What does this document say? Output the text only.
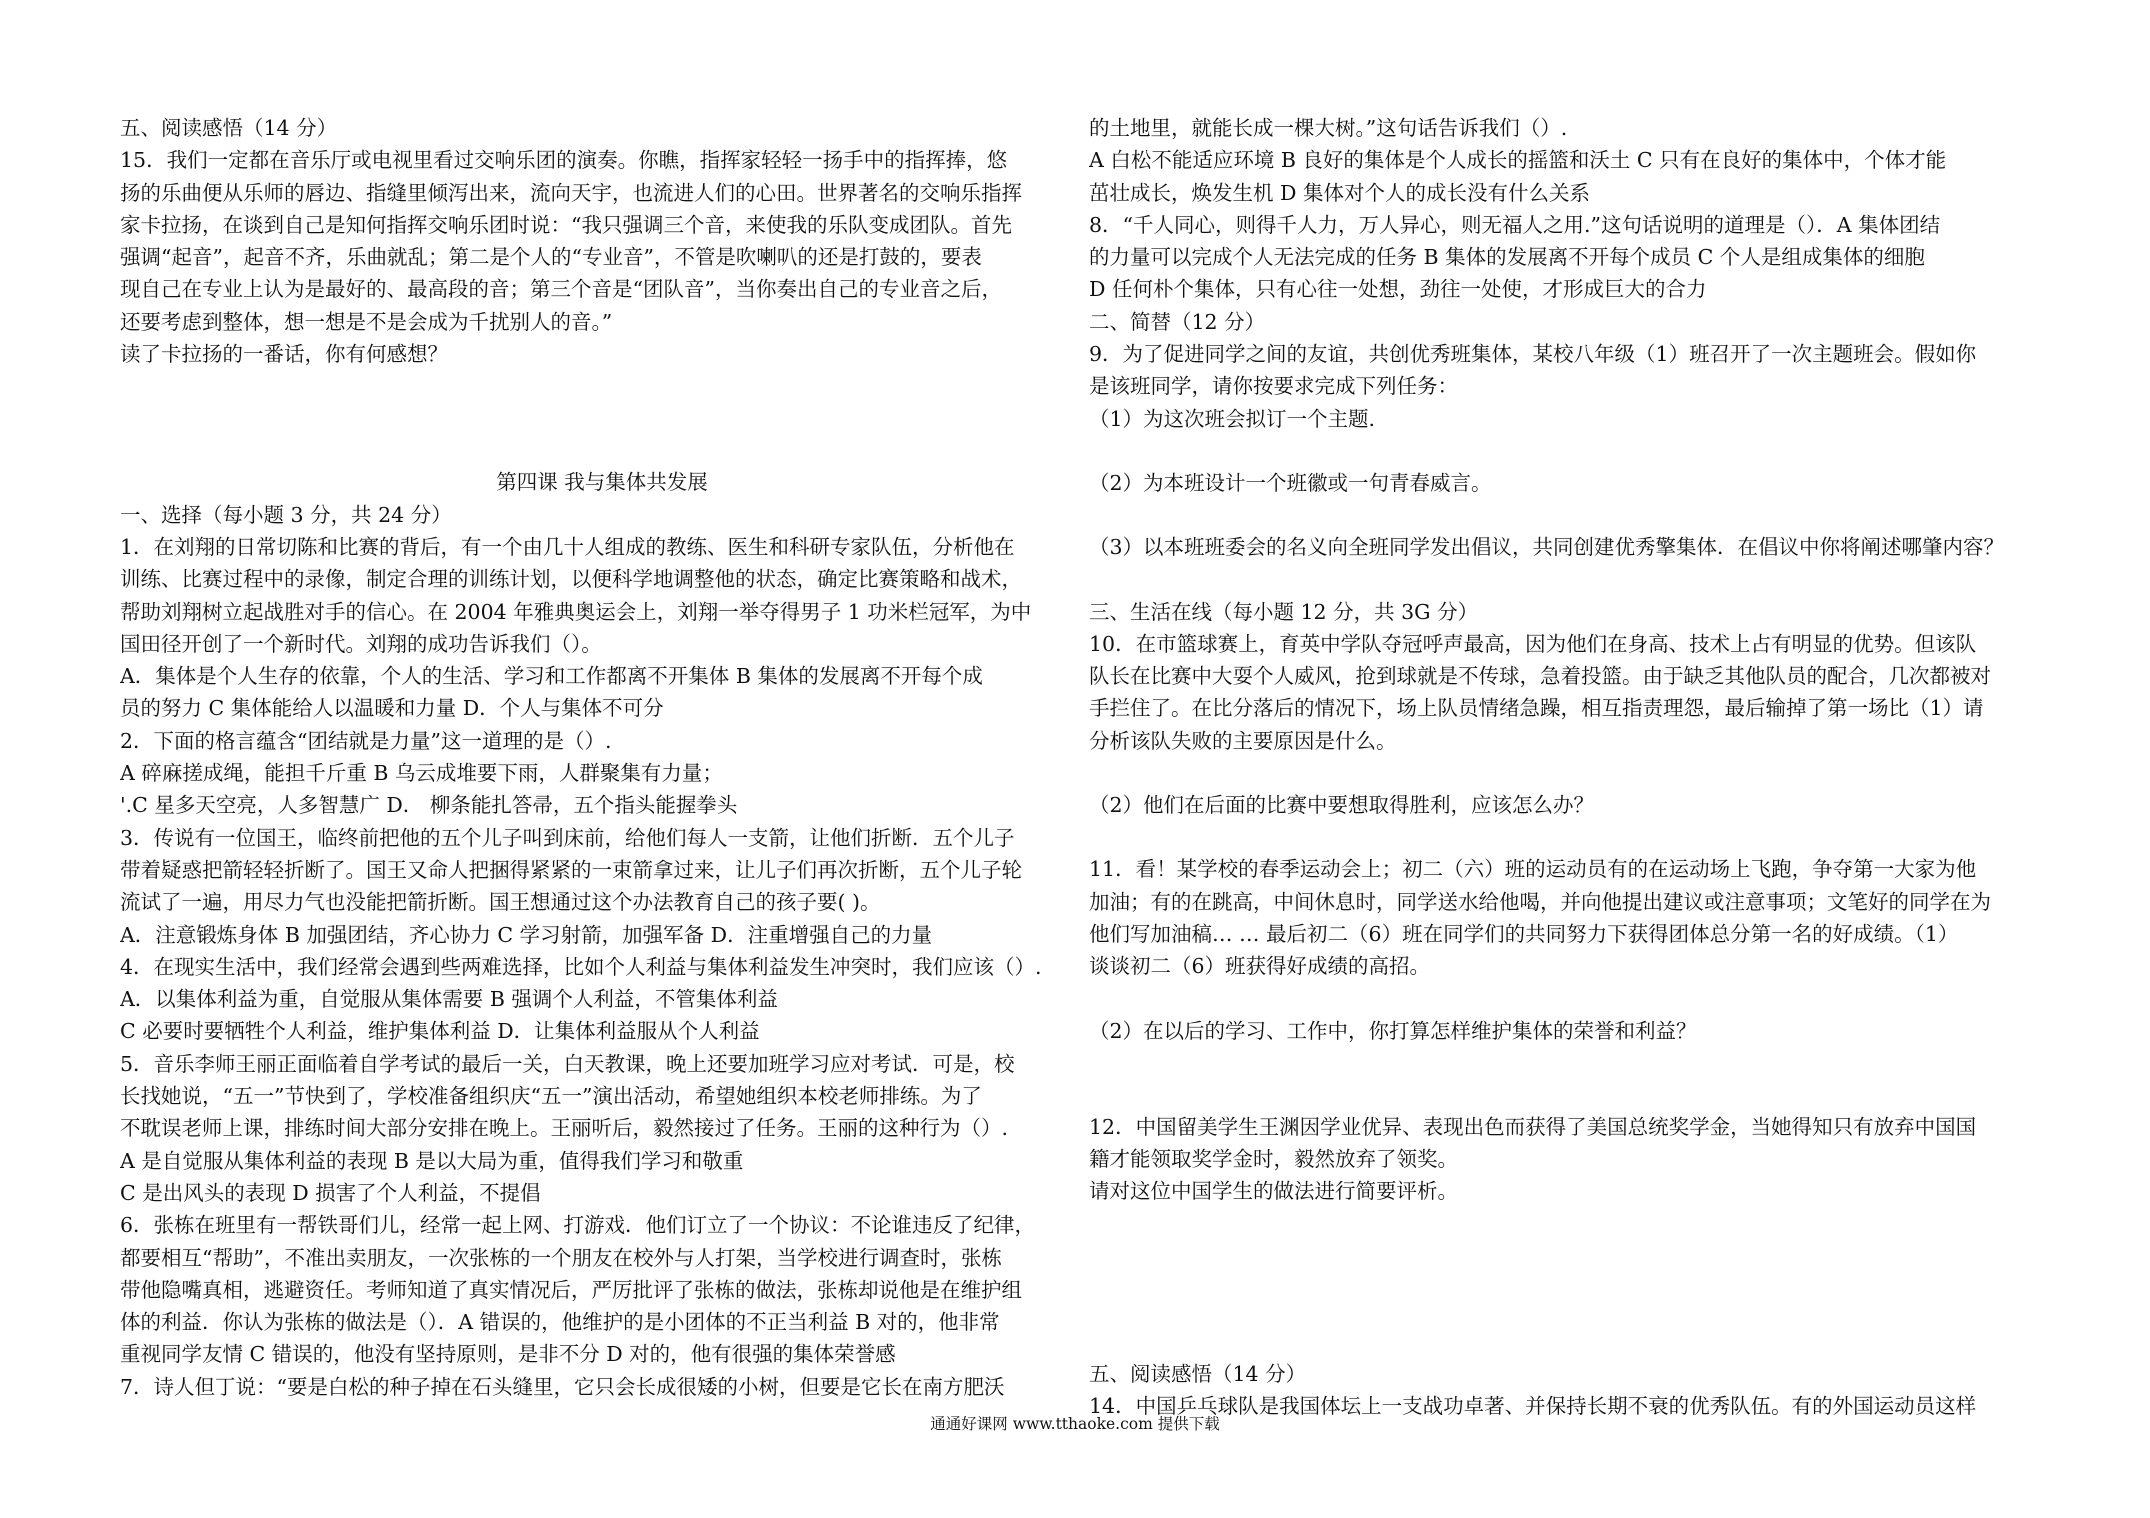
五、阅读感悟（14 分）

15．我们一定都在音乐厅或电视里看过交响乐团的演奏。你瞧，指挥家轻轻一扬手中的指挥捧，悠

扬的乐曲便从乐师的唇边、指缝里倾泻出来，流向天宇，也流进人们的心田。世界著名的交响乐指挥

家卡拉扬，在谈到自己是知何指挥交响乐团时说：“我只强调三个音，来使我的乐队变成团队。首先

强调“起音”，起音不齐，乐曲就乱；第二是个人的“专业音”，不管是吹喇叭的还是打鼓的，要表

现自己在专业上认为是最好的、最高段的音；第三个音是“团队音”，当你奏出自己的专业音之后，

还要考虑到整体，想一想是不是会成为千扰别人的音。”

读了卡拉扬的一番话，你有何感想？

第四课 我与集体共发展

一、选择（每小题 3 分，共 24 分）

1．在刘翔的日常切陈和比赛的背后，有一个由几十人组成的教练、医生和科研专家队伍，分析他在

训练、比赛过程中的录像，制定合理的训练计划，以便科学地调整他的状态，确定比赛策略和战术，

帮助刘翔树立起战胜对手的信心。在 2004 年雅典奥运会上，刘翔一举夺得男子 1 功米栏冠军，为中

国田径开创了一个新时代。刘翔的成功告诉我们（）。

A．集体是个人生存的依靠，个人的生活、学习和工作都离不开集体 B 集体的发展离不开每个成

员的努力 C 集体能给人以温暖和力量 D．个人与集体不可分

2．下面的格言蕴含“团结就是力量”这一道理的是（）.

A 碎麻搓成绳，能担千斤重 B 乌云成堆要下雨，人群聚集有力量；

'.C 星多天空亮，人多智慧广 D． 柳条能扎答帚，五个指头能握拳头

3．传说有一位国王，临终前把他的五个儿子叫到床前，给他们每人一支箭，让他们折断．五个儿子

带着疑惑把箭轻轻折断了。国王又命人把捆得紧紧的一束箭拿过来，让儿子们再次折断，五个儿子轮

流试了一遍，用尽力气也没能把箭折断。国王想通过这个办法教育自己的孩子要( )。

A．注意锻炼身体 B 加强团结，齐心协力 C 学习射箭，加强军备 D．注重增强自己的力量

4．在现实生活中，我们经常会遇到些两难选择，比如个人利益与集体利益发生冲突时，我们应该（）.

A．以集体利益为重，自觉服从集体需要 B 强调个人利益，不管集体利益

C 必要时要牺牲个人利益，维护集体利益 D．让集体利益服从个人利益

5．音乐李师王丽正面临着自学考试的最后一关，白天教课，晚上还要加班学习应对考试．可是，校

长找她说，“五一”节快到了，学校准备组织庆“五一”演出活动，希望她组织本校老师排练。为了

不耽误老师上课，排练时间大部分安排在晚上。王丽听后，毅然接过了任务。王丽的这种行为（）.

A 是自觉服从集体利益的表现 B 是以大局为重，值得我们学习和敬重

C 是出风头的表现 D 损害了个人利益，不提倡

6．张栋在班里有一帮铁哥们儿，经常一起上网、打游戏．他们订立了一个协议：不论谁违反了纪律，

都要相互“帮助”，不准出卖朋友，一次张栋的一个朋友在校外与人打架，当学校进行调查时，张栋

带他隐嘴真相，逃避资任。考师知道了真实情况后，严厉批评了张栋的做法，张栋却说他是在维护组

体的利益．你认为张栋的做法是（）．A 错误的，他维护的是小团体的不正当利益 B 对的，他非常

重视同学友情 C 错误的，他没有坚持原则，是非不分 D 对的，他有很强的集体荣誉感

7．诗人但丁说：“要是白松的种子掉在石头缝里，它只会长成很矮的小树，但要是它长在南方肥沃

的土地里，就能长成一棵大树。”这句话告诉我们（）.

A 白松不能适应环境 B 良好的集体是个人成长的摇篮和沃土 C 只有在良好的集体中，个体才能

茁壮成长，焕发生机 D 集体对个人的成长没有什么关系

8．“千人同心，则得千人力，万人异心，则无福人之用.”这句话说明的道理是（）．A 集体团结

的力量可以完成个人无法完成的任务 B 集体的发展离不开每个成员 C 个人是组成集体的细胞

D 任何朴个集体，只有心往一处想，劲往一处使，才形成巨大的合力

二、简替（12 分）

9．为了促进同学之间的友谊，共创优秀班集体，某校八年级（1）班召开了一次主题班会。假如你

是该班同学，请你按要求完成下列任务：

（1）为这次班会拟订一个主题.

（2）为本班设计一个班徽或一句青春威言。

（3）以本班班委会的名义向全班同学发出倡议，共同创建优秀擎集体．在倡议中你将阐述哪肇内容？

三、生活在线（每小题 12 分，共 3G 分）

10．在市篮球赛上，育英中学队夺冠呼声最高，因为他们在身高、技术上占有明显的优势。但该队

队长在比赛中大耍个人威风，抢到球就是不传球，急着投篮。由于缺乏其他队员的配合，几次都被对

手拦住了。在比分落后的情况下，场上队员情绪急躁，相互指责理怨，最后输掉了第一场比（1）请

分析该队失败的主要原因是什么。

（2）他们在后面的比赛中要想取得胜利，应该怎么办？

11．看！某学校的春季运动会上；初二（六）班的运动员有的在运动场上飞跑，争夺第一大家为他

加油；有的在跳高，中间休息时，同学送水给他喝，并向他提出建议或注意事项；文笔好的同学在为

他们写加油稿… … 最后初二（6）班在同学们的共同努力下获得团体总分第一名的好成绩。（1）

谈谈初二（6）班获得好成绩的高招。

（2）在以后的学习、工作中，你打算怎样维护集体的荣誉和利益？

12．中国留美学生王渊因学业优异、表现出色而获得了美国总统奖学金，当她得知只有放弃中国国

籍才能领取奖学金时，毅然放弃了领奖。

请对这位中国学生的做法进行简要评析。

五、阅读感悟（14 分）

14．中国乒乓球队是我国体坛上一支战功卓著、并保持长期不衰的优秀队伍。有的外国运动员这样

通通好课网 www.tthaoke.com 提供下载
